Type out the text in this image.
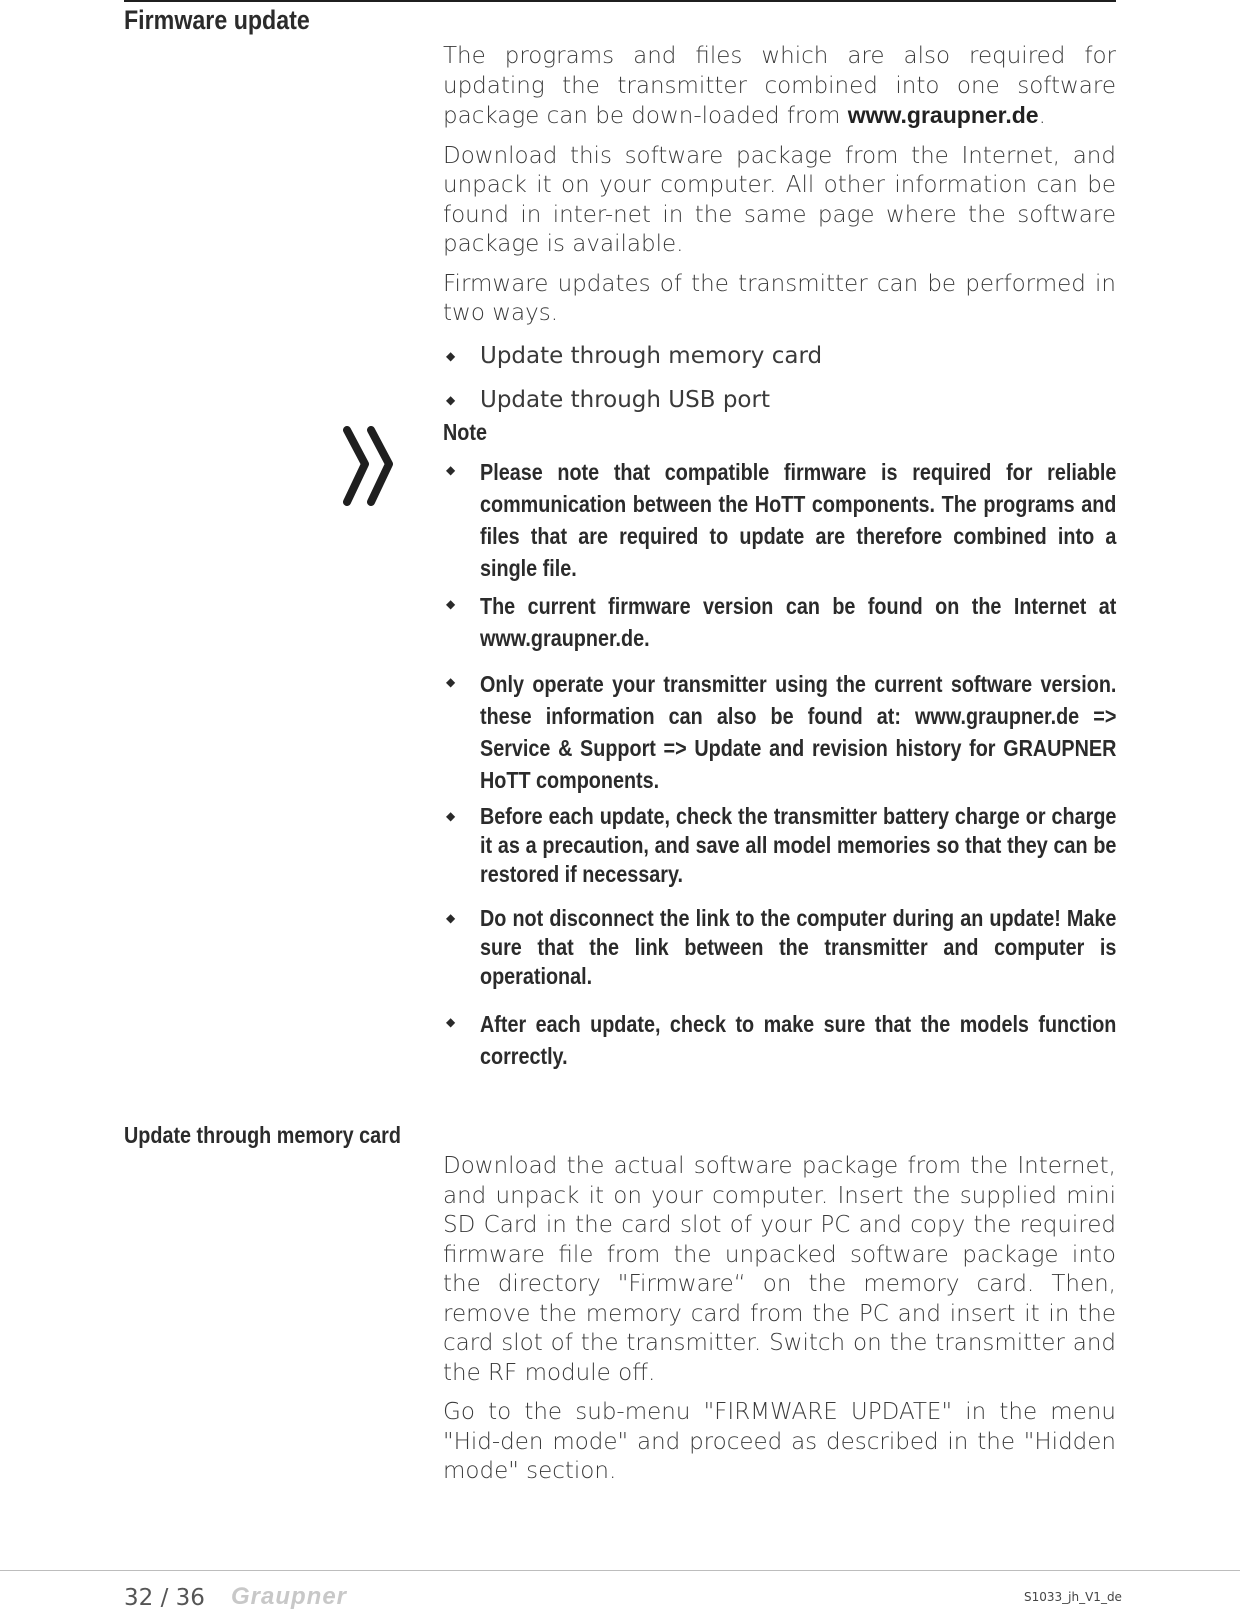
Firmware update

The programs and files which are also required for updating the transmitter combined into one software package can be down-loaded from www.graupner.de.

Download this software package from the Internet, and unpack it on your computer. All other information can be found in inter-net in the same page where the software package is available.

Firmware updates of the transmitter can be performed in two ways.

◆ Update through memory card
◆ Update through USB port
Note
◆ Please note that compatible firmware is required for reliable communication between the HoTT components. The programs and files that are required to update are therefore combined into a single file.
◆ The current firmware version can be found on the Internet at www.graupner.de.
◆ Only operate your transmitter using the current software version. these information can also be found at: www.graupner.de => Service & Support => Update and revision history for GRAUPNER HoTT components.
◆ Before each update, check the transmitter battery charge or charge it as a precaution, and save all model memories so that they can be restored if necessary.
◆ Do not disconnect the link to the computer during an update! Make sure that the link between the transmitter and computer is operational.
◆ After each update, check to make sure that the models function correctly.
Update through memory card

Download the actual software package from the Internet, and unpack it on your computer. Insert the supplied mini SD Card in the card slot of your PC and copy the required firmware file from the unpacked software package into the directory "Firmware“ on the memory card. Then, remove the memory card from the PC and insert it in the card slot of the transmitter. Switch on the transmitter and the RF module off.

Go to the sub-menu "FIRMWARE UPDATE" in the menu "Hid-den mode" and proceed as described in the "Hidden mode" section.

32 / 36 Graupner	S1033_jh_V1_de
